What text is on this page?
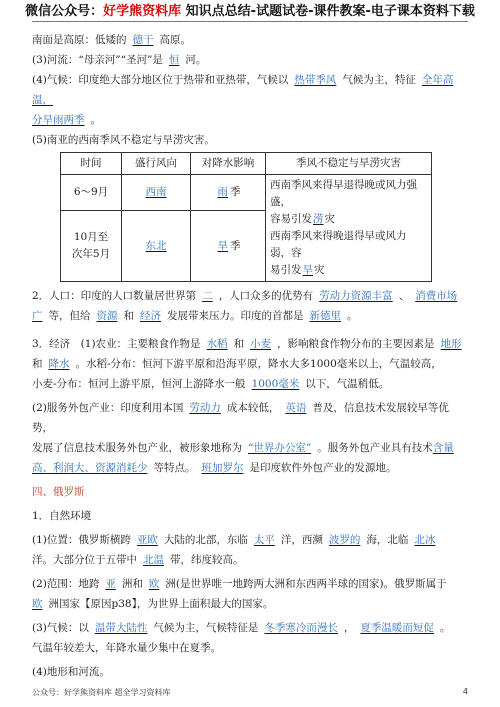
微信公众号：好学熊资料库 知识点总结-试题试卷-课件教案-电子课本资料下载

南面是高原：低矮的 德干 高原。

(3)河流：“母亲河”“圣河”是 恒 河。

(4)气候：印度绝大部分地区位于热带和亚热带，气候以 热带季风 气候为主，特征 全年高温，

分旱雨两季 。

(5)南亚的西南季风不稳定与旱涝灾害。

时间	盛行风向	对降水影响	季风不稳定与旱涝灾害
6～9月	西南	雨 季	西南季风来得早退得晚或风力强盛，
容易引发涝灾
西南季风来得晚退得早或风力弱，容
易引发旱灾
10月至
次年5月	东北	旱 季	

2．人口：印度的人口数量居世界第 二 ，人口众多的优势有 劳动力资源丰富 、 消费市场
广 等，但给 资源 和 经济 发展带来压力。印度的首都是 新德里 。

3．经济　(1)农业：主要粮食作物是 水稻 和 小麦 ，影响粮食作物分布的主要因素是 地形
和 降水 。水稻-分布：恒河下游平原和沿海平原，降水大多1000毫米以上，气温较高，
小麦-分布：恒河上游平原，恒河上游降水一般 1000毫米 以下，气温稍低。

(2)服务外包产业：印度利用本国 劳动力 成本较低， 英语 普及，信息技术发展较早等优势，
发展了信息技术服务外包产业，被形象地称为 “世界办公室” 。服务外包产业具有技术含量
高、利润大、资源消耗少 等特点。 班加罗尔 是印度软件外包产业的发源地。

四、俄罗斯

1．自然环境

(1)位置：俄罗斯横跨 亚欧 大陆的北部，东临 太平 洋，西濒 波罗的 海，北临 北冰
洋。大部分位于五带中 北温 带，纬度较高。

(2)范围：地跨 亚 洲和 欧 洲(是世界唯一地跨两大洲和东西两半球的国家)。俄罗斯属于
欧 洲国家【原因p38】，为世界上面积最大的国家。

(3)气候：以 温带大陆性 气候为主，气候特征是 冬季寒冷而漫长 ， 夏季温暖而短促 。
气温年较差大，年降水量少集中在夏季。

(4)地形和河流。

公众号：好学熊资料库 超全学习资料库	4
